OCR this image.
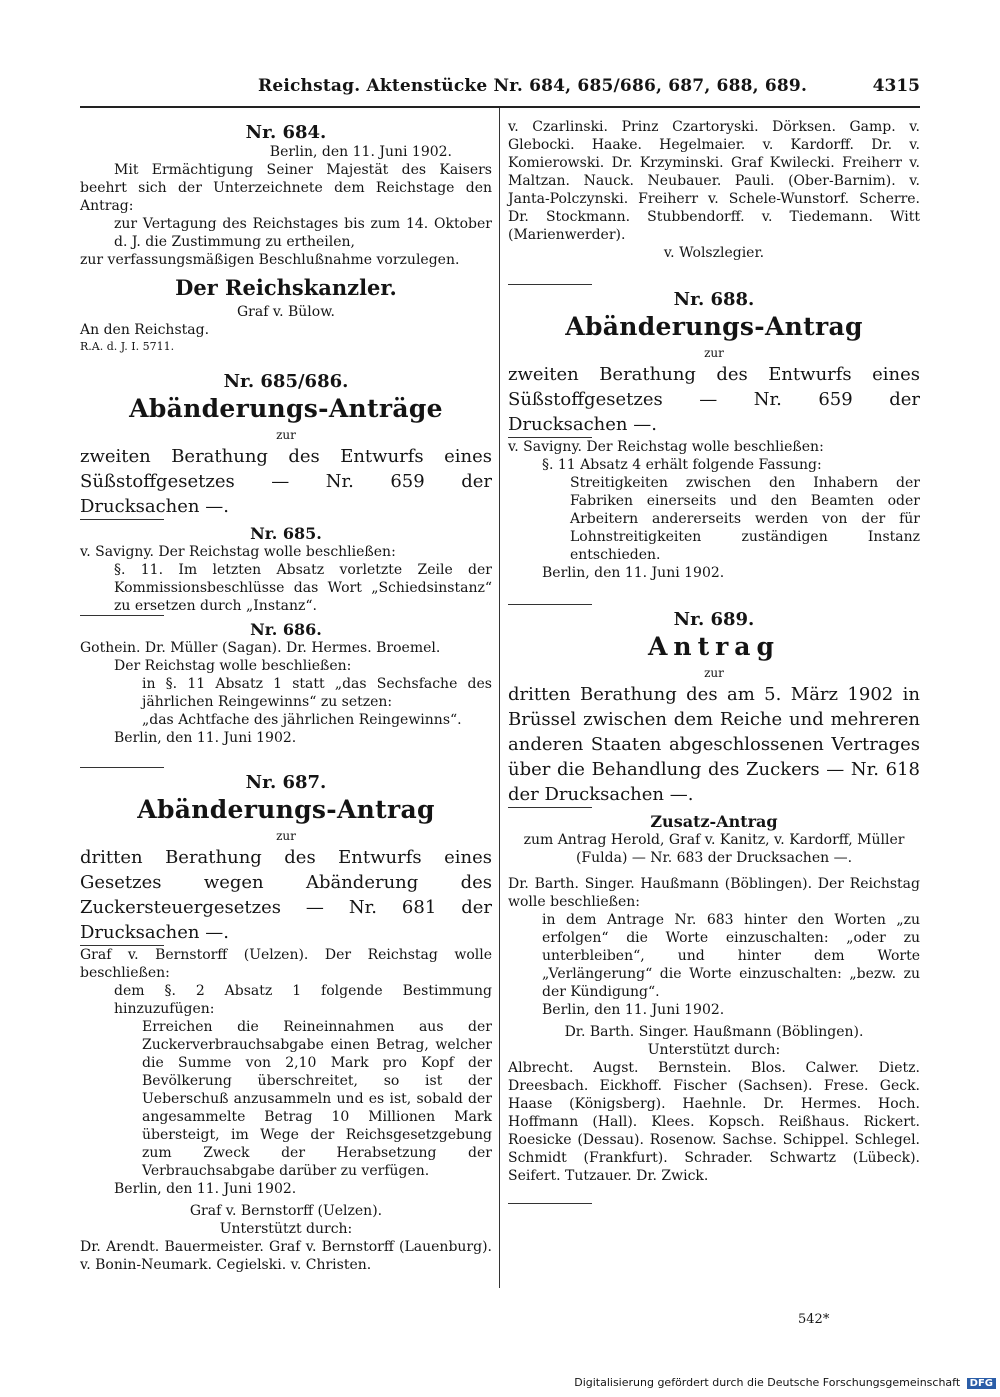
Reichstag. Aktenstücke Nr. 684, 685/686, 687, 688, 689.	4315
Nr. 684.
Berlin, den 11. Juni 1902.
Mit Ermächtigung Seiner Majestät des Kaisers beehrt sich der Unterzeichnete dem Reichstage den Antrag:
zur Vertagung des Reichstages bis zum 14. Oktober d. J. die Zustimmung zu ertheilen,
zur verfassungsmäßigen Beschlußnahme vorzulegen.
Der Reichskanzler.
Graf v. Bülow.
An den Reichstag.
R.A. d. J. I. 5711.
Nr. 685/686.
Abänderungs-Anträge
zur
zweiten Berathung des Entwurfs eines Süßstoffgesetzes — Nr. 659 der Drucksachen —.
Nr. 685.
v. Savigny. Der Reichstag wolle beschließen:
§. 11. Im letzten Absatz vorletzte Zeile der Kommissionsbeschlüsse das Wort „Schiedsinstanz“ zu ersetzen durch „Instanz“.
Nr. 686.
Gothein. Dr. Müller (Sagan). Dr. Hermes. Broemel.
Der Reichstag wolle beschließen:
in §. 11 Absatz 1 statt „das Sechsfache des jährlichen Reingewinns“ zu setzen:
„das Achtfache des jährlichen Reingewinns“.
Berlin, den 11. Juni 1902.
Nr. 687.
Abänderungs-Antrag
zur
dritten Berathung des Entwurfs eines Gesetzes wegen Abänderung des Zuckersteuergesetzes — Nr. 681 der Drucksachen —.
Graf v. Bernstorff (Uelzen). Der Reichstag wolle beschließen:
dem §. 2 Absatz 1 folgende Bestimmung hinzuzufügen:
Erreichen die Reineinnahmen aus der Zuckerverbrauchsabgabe einen Betrag, welcher die Summe von 2,10 Mark pro Kopf der Bevölkerung überschreitet, so ist der Ueberschuß anzusammeln und es ist, sobald der angesammelte Betrag 10 Millionen Mark übersteigt, im Wege der Reichsgesetzgebung zum Zweck der Herabsetzung der Verbrauchsabgabe darüber zu verfügen.
Berlin, den 11. Juni 1902.
Graf v. Bernstorff (Uelzen).
Unterstützt durch:
Dr. Arendt. Bauermeister. Graf v. Bernstorff (Lauenburg). v. Bonin-Neumark. Cegielski. v. Christen.
v. Czarlinski. Prinz Czartoryski. Dörksen. Gamp. v. Glebocki. Haake. Hegelmaier. v. Kardorff. Dr. v. Komierowski. Dr. Krzyminski. Graf Kwilecki. Freiherr v. Maltzan. Nauck. Neubauer. Pauli. (Ober-Barnim). v. Janta-Polczynski. Freiherr v. Schele-Wunstorf. Scherre. Dr. Stockmann. Stubbendorff. v. Tiedemann. Witt (Marienwerder).
v. Wolszlegier.
Nr. 688.
Abänderungs-Antrag
zur
zweiten Berathung des Entwurfs eines Süßstoffgesetzes — Nr. 659 der Drucksachen —.
v. Savigny. Der Reichstag wolle beschließen:
§. 11 Absatz 4 erhält folgende Fassung:
Streitigkeiten zwischen den Inhabern der Fabriken einerseits und den Beamten oder Arbeitern andererseits werden von der für Lohnstreitigkeiten zuständigen Instanz entschieden.
Berlin, den 11. Juni 1902.
Nr. 689.
Antrag
zur
dritten Berathung des am 5. März 1902 in Brüssel zwischen dem Reiche und mehreren anderen Staaten abgeschlossenen Vertrages über die Behandlung des Zuckers — Nr. 618 der Drucksachen —.
Zusatz-Antrag
zum Antrag Herold, Graf v. Kanitz, v. Kardorff, Müller (Fulda) — Nr. 683 der Drucksachen —.
Dr. Barth. Singer. Haußmann (Böblingen). Der Reichstag wolle beschließen:
in dem Antrage Nr. 683 hinter den Worten „zu erfolgen“ die Worte einzuschalten: „oder zu unterbleiben“, und hinter dem Worte „Verlängerung“ die Worte einzuschalten: „bezw. zu der Kündigung“.
Berlin, den 11. Juni 1902.
Dr. Barth. Singer. Haußmann (Böblingen).
Unterstützt durch:
Albrecht. Augst. Bernstein. Blos. Calwer. Dietz. Dreesbach. Eickhoff. Fischer (Sachsen). Frese. Geck. Haase (Königsberg). Haehnle. Dr. Hermes. Hoch. Hoffmann (Hall). Klees. Kopsch. Reißhaus. Rickert. Roesicke (Dessau). Rosenow. Sachse. Schippel. Schlegel. Schmidt (Frankfurt). Schrader. Schwartz (Lübeck). Seifert. Tutzauer. Dr. Zwick.
542*
Digitalisierung gefördert durch die Deutsche Forschungsgemeinschaft DFG
